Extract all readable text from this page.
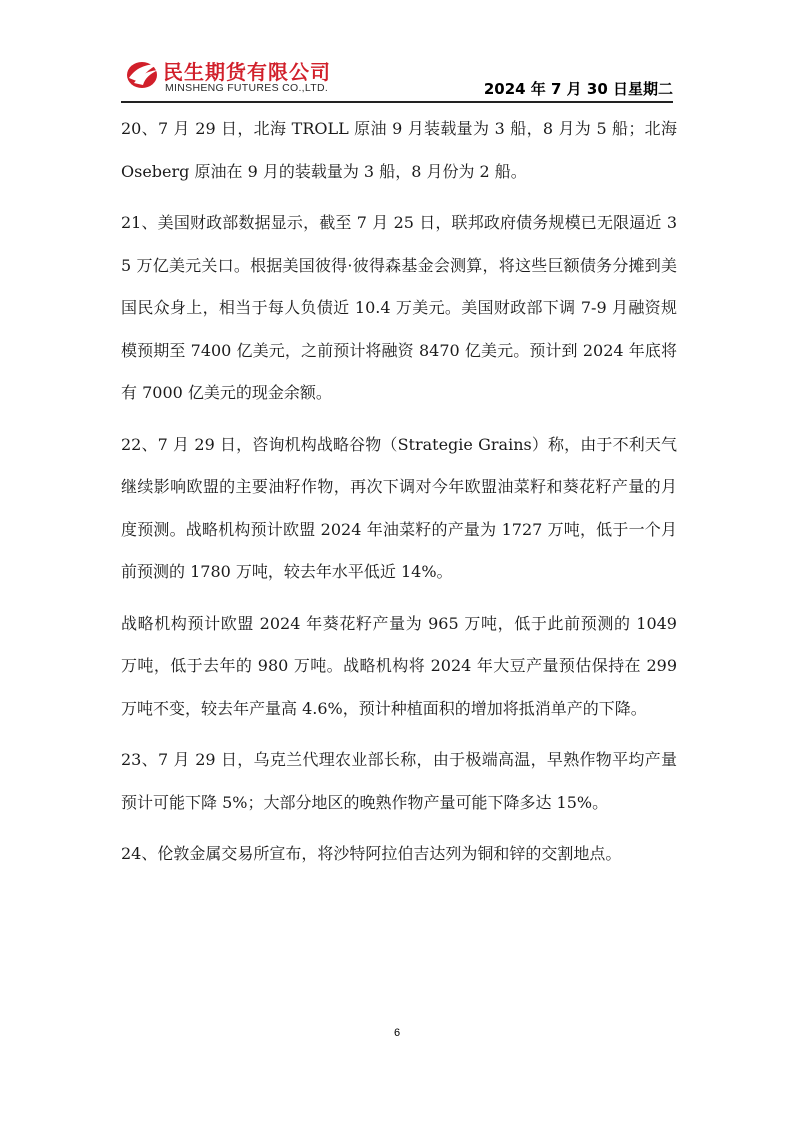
民生期货有限公司
MINSHENG FUTURES CO.,LTD.	2024 年 7 月 30 日星期二

20、7 月 29 日，北海 TROLL 原油 9 月装载量为 3 船，8 月为 5 船；北海 Oseberg 原油在 9 月的装载量为 3 船，8 月份为 2 船。

21、美国财政部数据显示，截至 7 月 25 日，联邦政府债务规模已无限逼近 35 万亿美元关口。根据美国彼得·彼得森基金会测算，将这些巨额债务分摊到美国民众身上，相当于每人负债近 10.4 万美元。美国财政部下调 7-9 月融资规模预期至 7400 亿美元，之前预计将融资 8470 亿美元。预计到 2024 年底将有 7000 亿美元的现金余额。

22、7 月 29 日，咨询机构战略谷物（Strategie Grains）称，由于不利天气继续影响欧盟的主要油籽作物，再次下调对今年欧盟油菜籽和葵花籽产量的月度预测。战略机构预计欧盟 2024 年油菜籽的产量为 1727 万吨，低于一个月前预测的 1780 万吨，较去年水平低近 14%。

战略机构预计欧盟 2024 年葵花籽产量为 965 万吨，低于此前预测的 1049 万吨，低于去年的 980 万吨。战略机构将 2024 年大豆产量预估保持在 299 万吨不变，较去年产量高 4.6%，预计种植面积的增加将抵消单产的下降。

23、7 月 29 日，乌克兰代理农业部长称，由于极端高温，早熟作物平均产量预计可能下降 5%；大部分地区的晚熟作物产量可能下降多达 15%。

24、伦敦金属交易所宣布，将沙特阿拉伯吉达列为铜和锌的交割地点。

6
